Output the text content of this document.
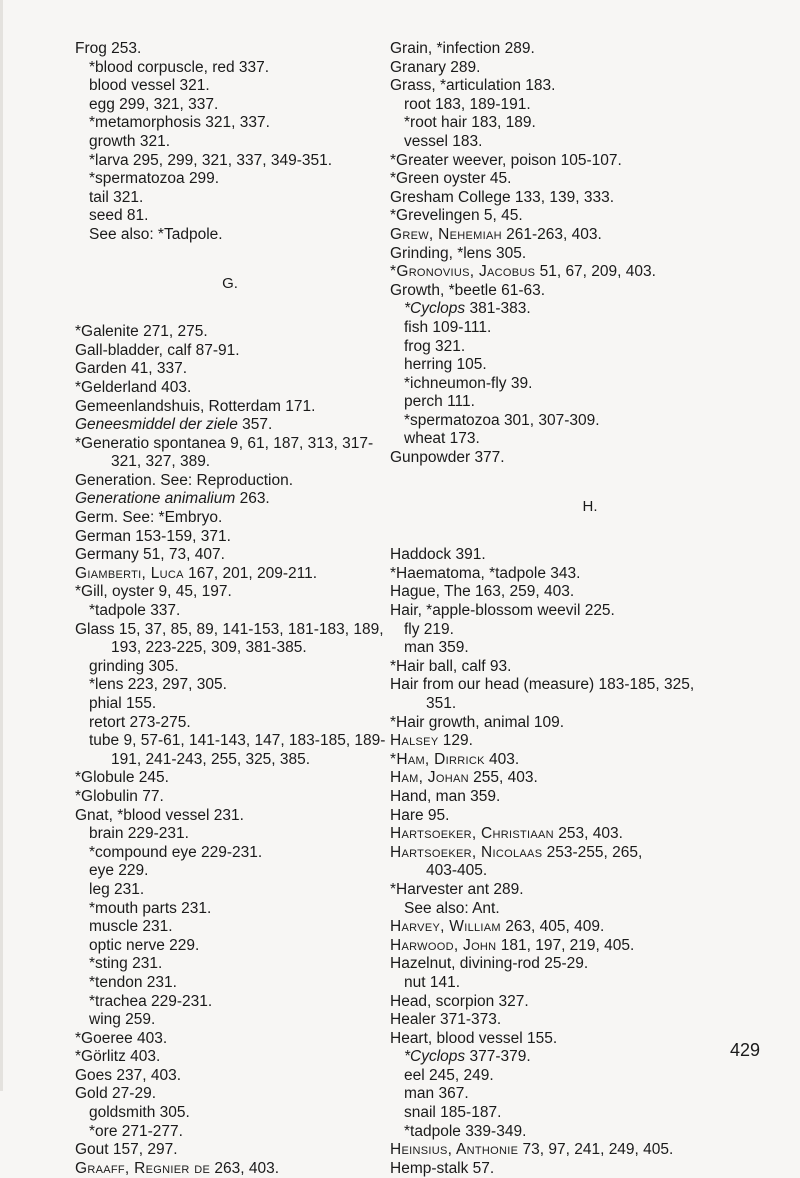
Frog 253.
*blood corpuscle, red 337.
blood vessel 321.
egg 299, 321, 337.
*metamorphosis 321, 337.
growth 321.
*larva 295, 299, 321, 337, 349-351.
*spermatozoa 299.
tail 321.
seed 81.
See also: *Tadpole.
G.
*Galenite 271, 275.
Gall-bladder, calf 87-91.
Garden 41, 337.
*Gelderland 403.
Gemeenlandshuis, Rotterdam 171.
Geneesmiddel der ziele 357.
*Generatio spontanea 9, 61, 187, 313, 317-
321, 327, 389.
Generation. See: Reproduction.
Generatione animalium 263.
Germ. See: *Embryo.
German 153-159, 371.
Germany 51, 73, 407.
Giamberti, Luca 167, 201, 209-211.
*Gill, oyster 9, 45, 197.
*tadpole 337.
Glass 15, 37, 85, 89, 141-153, 181-183, 189,
193, 223-225, 309, 381-385.
grinding 305.
*lens 223, 297, 305.
phial 155.
retort 273-275.
tube 9, 57-61, 141-143, 147, 183-185, 189-
191, 241-243, 255, 325, 385.
*Globule 245.
*Globulin 77.
Gnat, *blood vessel 231.
brain 229-231.
*compound eye 229-231.
eye 229.
leg 231.
*mouth parts 231.
muscle 231.
optic nerve 229.
*sting 231.
*tendon 231.
*trachea 229-231.
wing 259.
*Goeree 403.
*Görlitz 403.
Goes 237, 403.
Gold 27-29.
goldsmith 305.
*ore 271-277.
Gout 157, 297.
Graaff, Regnier de 263, 403.
Grain, *infection 289.
Granary 289.
Grass, *articulation 183.
root 183, 189-191.
*root hair 183, 189.
vessel 183.
*Greater weever, poison 105-107.
*Green oyster 45.
Gresham College 133, 139, 333.
*Grevelingen 5, 45.
Grew, Nehemiah 261-263, 403.
Grinding, *lens 305.
*Gronovius, Jacobus 51, 67, 209, 403.
Growth, *beetle 61-63.
*Cyclops 381-383.
fish 109-111.
frog 321.
herring 105.
*ichneumon-fly 39.
perch 111.
*spermatozoa 301, 307-309.
wheat 173.
Gunpowder 377.
H.
Haddock 391.
*Haematoma, *tadpole 343.
Hague, The 163, 259, 403.
Hair, *apple-blossom weevil 225.
fly 219.
man 359.
*Hair ball, calf 93.
Hair from our head (measure) 183-185, 325,
351.
*Hair growth, animal 109.
Halsey 129.
*Ham, Dirrick 403.
Ham, Johan 255, 403.
Hand, man 359.
Hare 95.
Hartsoeker, Christiaan 253, 403.
Hartsoeker, Nicolaas 253-255, 265,
403-405.
*Harvester ant 289.
See also: Ant.
Harvey, William 263, 405, 409.
Harwood, John 181, 197, 219, 405.
Hazelnut, divining-rod 25-29.
nut 141.
Head, scorpion 327.
Healer 371-373.
Heart, blood vessel 155.
*Cyclops 377-379.
eel 245, 249.
man 367.
snail 185-187.
*tadpole 339-349.
Heinsius, Anthonie 73, 97, 241, 249, 405.
Hemp-stalk 57.
429
